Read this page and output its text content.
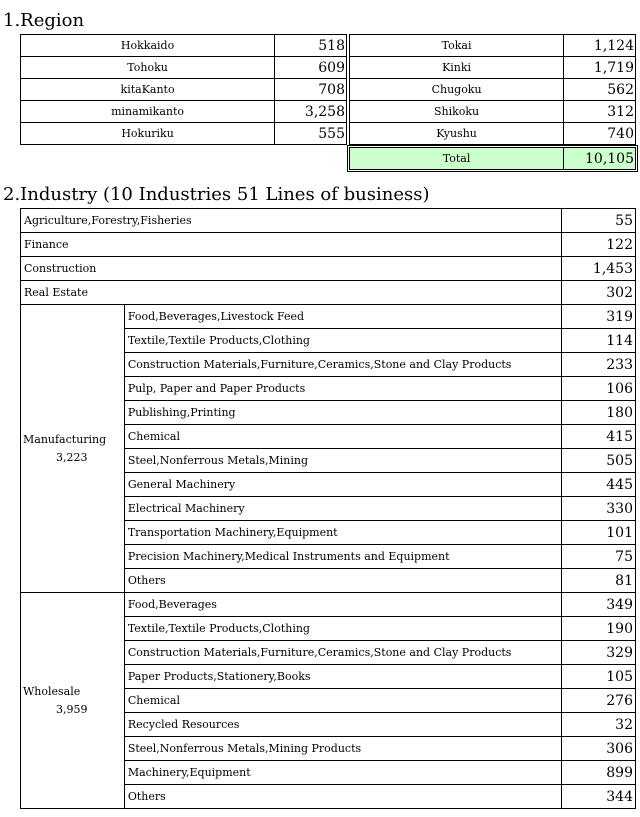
1.Region
Hokkaido	518
Tohoku	609
kitaKanto	708
minamikanto	3,258
Hokuriku	555
Tokai	1,124
Kinki	1,719
Chugoku	562
Shikoku	312
Kyushu	740
Total	10,105
2.Industry (10 Industries 51 Lines of business)
Agriculture,Forestry,Fisheries		55
Finance		122
Construction		1,453
Real Estate		302

Manufacturing
3,223	Food,Beverages,Livestock Feed	319
	Textile,Textile Products,Clothing	114
	Construction Materials,Furniture,Ceramics,Stone and Clay Products	233
	Pulp, Paper and Paper Products	106
	Publishing,Printing	180
	Chemical	415
	Steel,Nonferrous Metals,Mining	505
	General Machinery	445
	Electrical Machinery	330
	Transportation Machinery,Equipment	101
	Precision Machinery,Medical Instruments and Equipment	75
	Others	81

Wholesale
3,959	Food,Beverages	349
	Textile,Textile Products,Clothing	190
	Construction Materials,Furniture,Ceramics,Stone and Clay Products	329
	Paper Products,Stationery,Books	105
	Chemical	276
	Recycled Resources	32
	Steel,Nonferrous Metals,Mining Products	306
	Machinery,Equipment	899
	Others	344
